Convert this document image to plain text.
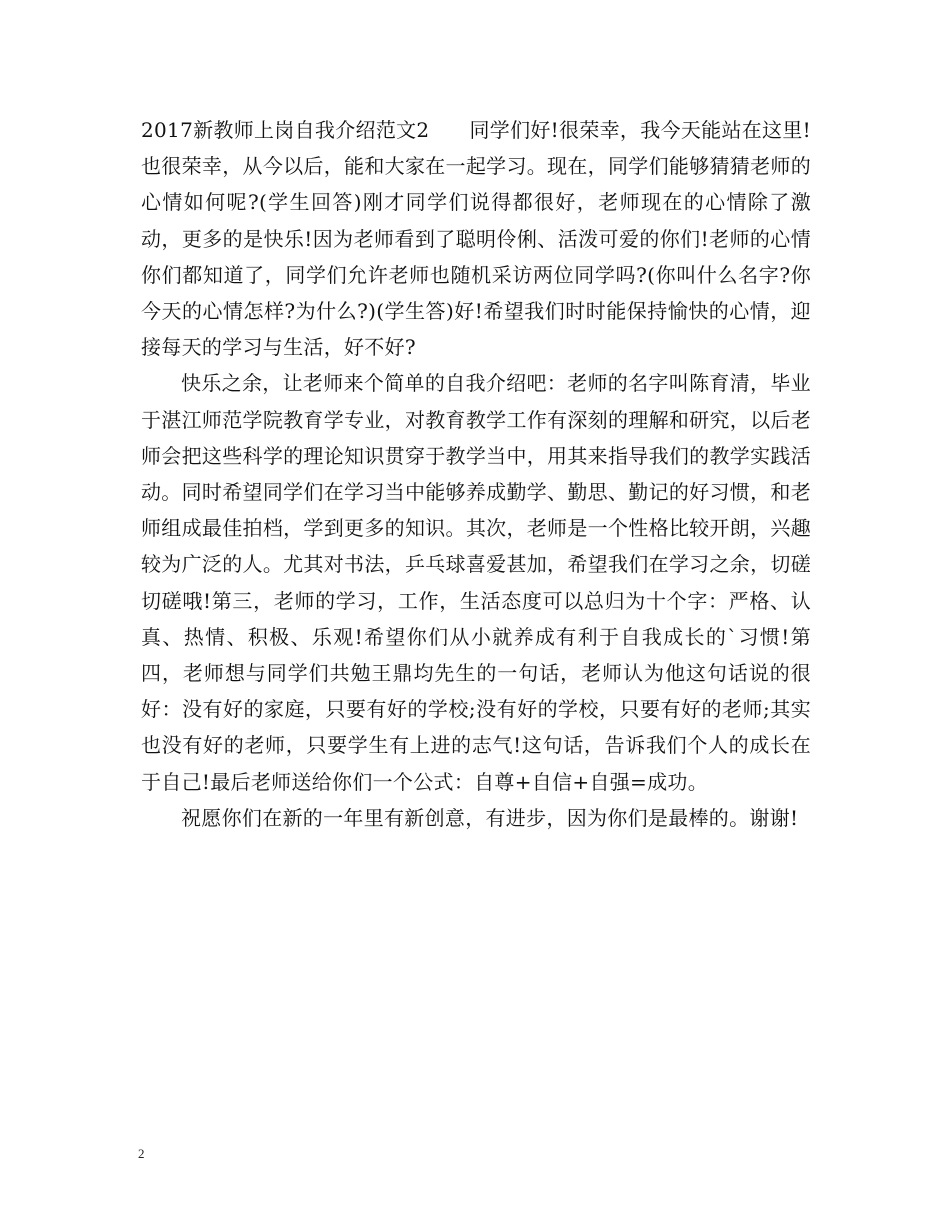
2017新教师上岗自我介绍范文2 同学们好!很荣幸，我今天能站在这里!也很荣幸，从今以后，能和大家在一起学习。现在，同学们能够猜猜老师的心情如何呢?(学生回答)刚才同学们说得都很好，老师现在的心情除了激动，更多的是快乐!因为老师看到了聪明伶俐、活泼可爱的你们!老师的心情你们都知道了，同学们允许老师也随机采访两位同学吗?(你叫什么名字?你今天的心情怎样?为什么?)(学生答)好!希望我们时时能保持愉快的心情，迎接每天的学习与生活，好不好?

快乐之余，让老师来个简单的自我介绍吧：老师的名字叫陈育清，毕业于湛江师范学院教育学专业，对教育教学工作有深刻的理解和研究，以后老师会把这些科学的理论知识贯穿于教学当中，用其来指导我们的教学实践活动。同时希望同学们在学习当中能够养成勤学、勤思、勤记的好习惯，和老师组成最佳拍档，学到更多的知识。其次，老师是一个性格比较开朗，兴趣较为广泛的人。尤其对书法，乒乓球喜爱甚加，希望我们在学习之余，切磋切磋哦!第三，老师的学习，工作，生活态度可以总归为十个字：严格、认真、热情、积极、乐观!希望你们从小就养成有利于自我成长的`习惯!第四，老师想与同学们共勉王鼎均先生的一句话，老师认为他这句话说的很好：没有好的家庭，只要有好的学校;没有好的学校，只要有好的老师;其实也没有好的老师，只要学生有上进的志气!这句话，告诉我们个人的成长在于自己!最后老师送给你们一个公式：自尊+自信+自强=成功。

祝愿你们在新的一年里有新创意，有进步，因为你们是最棒的。谢谢!

2
